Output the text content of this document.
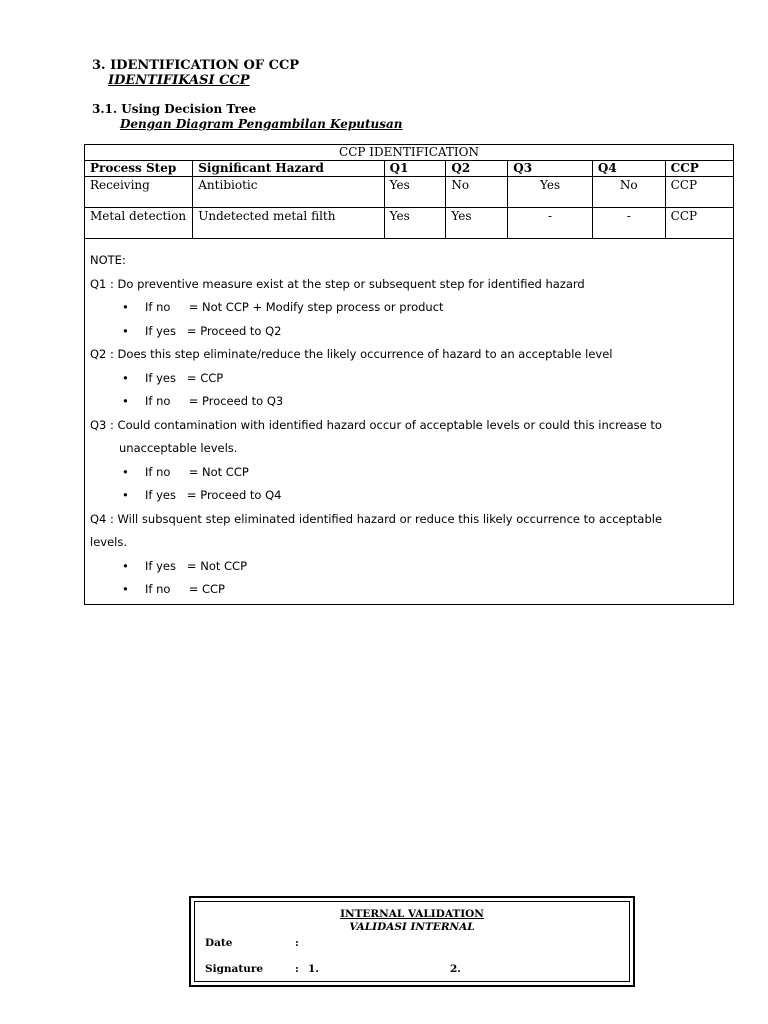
3. IDENTIFICATION OF CCP
IDENTIFIKASI CCP
3.1. Using Decision Tree
Dengan Diagram Pengambilan Keputusan
CCP IDENTIFICATION						
Process Step	Significant Hazard	Q1	Q2	Q3	Q4	CCP
Receiving	Antibiotic	Yes	No	Yes	No	CCP
Metal detection	Undetected metal filth	Yes	Yes	-	-	CCP

NOTE:

Q1 : Do preventive measure exist at the step or subsequent step for identified hazard

• If no     = Not CCP + Modify step process or product

• If yes   = Proceed to Q2

Q2 : Does this step eliminate/reduce the likely occurrence of hazard to an acceptable level

• If yes   = CCP

• If no     = Proceed to Q3

Q3 : Could contamination with identified hazard occur of acceptable levels or could this increase to

unacceptable levels.

• If no     = Not CCP

• If yes   = Proceed to Q4

Q4 : Will subsquent step eliminated identified hazard or reduce this likely occurrence to acceptable

levels.

• If yes   = Not CCP

• If no     = CCP

INTERNAL VALIDATION
VALIDASI INTERNAL
Date	:
Signature	: 1.	2.
